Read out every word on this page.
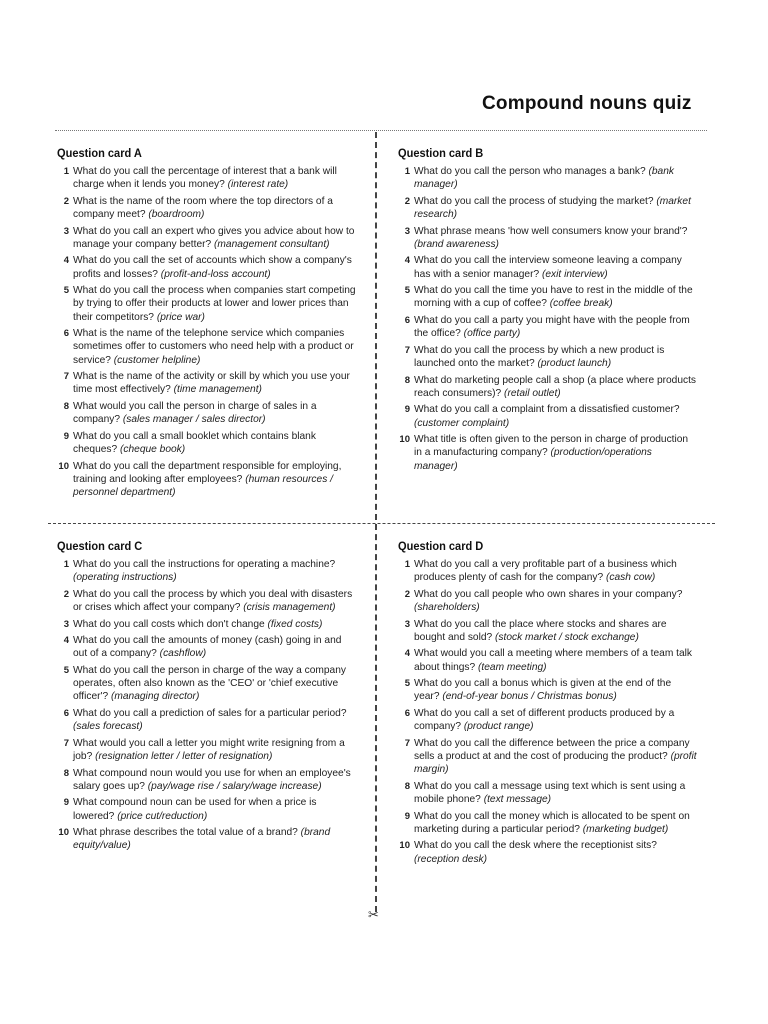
Compound nouns quiz
✂
Question card A
1 What do you call the percentage of interest that a bank will charge when it lends you money? (interest rate)
2 What is the name of the room where the top directors of a company meet? (boardroom)
3 What do you call an expert who gives you advice about how to manage your company better? (management consultant)
4 What do you call the set of accounts which show a company's profits and losses? (profit-and-loss account)
5 What do you call the process when companies start competing by trying to offer their products at lower and lower prices than their competitors? (price war)
6 What is the name of the telephone service which companies sometimes offer to customers who need help with a product or service? (customer helpline)
7 What is the name of the activity or skill by which you use your time most effectively? (time management)
8 What would you call the person in charge of sales in a company? (sales manager / sales director)
9 What do you call a small booklet which contains blank cheques? (cheque book)
10 What do you call the department responsible for employing, training and looking after employees? (human resources / personnel department)
Question card B
1 What do you call the person who manages a bank? (bank manager)
2 What do you call the process of studying the market? (market research)
3 What phrase means 'how well consumers know your brand'? (brand awareness)
4 What do you call the interview someone leaving a company has with a senior manager? (exit interview)
5 What do you call the time you have to rest in the middle of the morning with a cup of coffee? (coffee break)
6 What do you call a party you might have with the people from the office? (office party)
7 What do you call the process by which a new product is launched onto the market? (product launch)
8 What do marketing people call a shop (a place where products reach consumers)? (retail outlet)
9 What do you call a complaint from a dissatisfied customer? (customer complaint)
10 What title is often given to the person in charge of production in a manufacturing company? (production/operations manager)
Question card C
1 What do you call the instructions for operating a machine? (operating instructions)
2 What do you call the process by which you deal with disasters or crises which affect your company? (crisis management)
3 What do you call costs which don't change (fixed costs)
4 What do you call the amounts of money (cash) going in and out of a company? (cashflow)
5 What do you call the person in charge of the way a company operates, often also known as the 'CEO' or 'chief executive officer'? (managing director)
6 What do you call a prediction of sales for a particular period? (sales forecast)
7 What would you call a letter you might write resigning from a job? (resignation letter / letter of resignation)
8 What compound noun would you use for when an employee's salary goes up? (pay/wage rise / salary/wage increase)
9 What compound noun can be used for when a price is lowered? (price cut/reduction)
10 What phrase describes the total value of a brand? (brand equity/value)
Question card D
1 What do you call a very profitable part of a business which produces plenty of cash for the company? (cash cow)
2 What do you call people who own shares in your company? (shareholders)
3 What do you call the place where stocks and shares are bought and sold? (stock market / stock exchange)
4 What would you call a meeting where members of a team talk about things? (team meeting)
5 What do you call a bonus which is given at the end of the year? (end-of-year bonus / Christmas bonus)
6 What do you call a set of different products produced by a company? (product range)
7 What do you call the difference between the price a company sells a product at and the cost of producing the product? (profit margin)
8 What do you call a message using text which is sent using a mobile phone? (text message)
9 What do you call the money which is allocated to be spent on marketing during a particular period? (marketing budget)
10 What do you call the desk where the receptionist sits? (reception desk)
